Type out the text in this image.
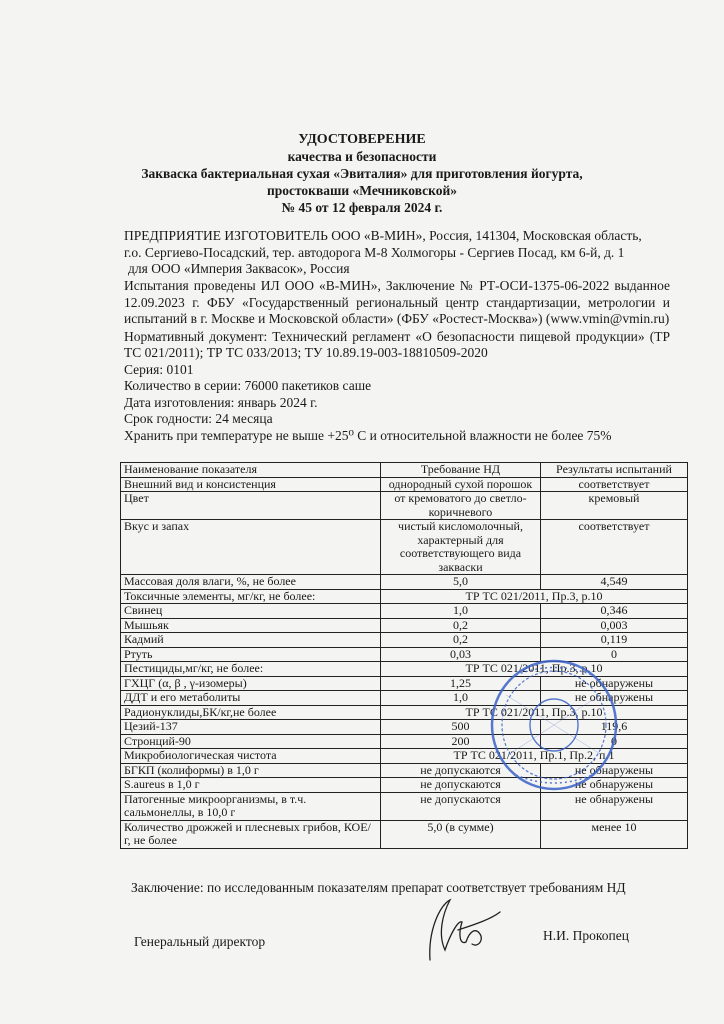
УДОСТОВЕРЕНИЕ
качества и безопасности
Закваска бактериальная сухая «Эвиталия» для приготовления йогурта,
простокваши «Мечниковской»
№ 45 от 12 февраля 2024 г.

ПРЕДПРИЯТИЕ ИЗГОТОВИТЕЛЬ ООО «В-МИН», Россия, 141304, Московская область,

г.о. Сергиево-Посадский, тер. автодорога М-8 Холмогоры - Сергиев Посад, км 6-й, д. 1

для ООО «Империя Заквасок», Россия

Испытания проведены ИЛ ООО «В-МИН», Заключение № РТ-ОСИ-1375-06-2022 выданное 12.09.2023 г. ФБУ «Государственный региональный центр стандартизации, метрологии и испытаний в г. Москве и Московской области» (ФБУ «Ростест-Москва») (www.vmin@vmin.ru)

Нормативный документ: Технический регламент «О безопасности пищевой продукции» (ТР ТС 021/2011); ТР ТС 033/2013; ТУ 10.89.19-003-18810509-2020

Серия: 0101

Количество в серии: 76000 пакетиков саше

Дата изготовления: январь 2024 г.

Срок годности: 24 месяца

Хранить при температуре не выше +25⁰ С и относительной влажности не более 75%

Наименование показателя	Требование НД	Результаты испытаний
Внешний вид и консистенция	однородный сухой порошок	соответствует
Цвет	от кремоватого до светло-коричневого	кремовый
Вкус и запах	чистый кисломолочный, характерный для соответствующего вида закваски	соответствует
Массовая доля влаги, %, не более	5,0	4,549
Токсичные элементы, мг/кг, не более:	ТР ТС 021/2011, Пр.3, р.10	
Свинец	1,0	0,346
Мышьяк	0,2	0,003
Кадмий	0,2	0,119
Ртуть	0,03	0
Пестициды,мг/кг, не более:	ТР ТС 021/2011, Пр.3, р.10	
ГХЦГ (α, β , γ-изомеры)	1,25	не обнаружены
ДДТ и его метаболиты	1,0	не обнаружены
Радионуклиды,БК/кг,не более	ТР ТС 021/2011, Пр.3, р.10	
Цезий-137	500	119,6
Стронций-90	200	0
Микробиологическая чистота	ТР ТС 021/2011, Пр.1, Пр.2, п.1	
БГКП (колиформы) в 1,0 г	не допускаются	не обнаружены
S.aureus в 1,0 г	не допускаются	не обнаружены
Патогенные микроорганизмы, в т.ч. сальмонеллы, в 10,0 г	не допускаются	не обнаружены
Количество дрожжей и плесневых грибов, КОЕ/г, не более	5,0 (в сумме)	менее 10
Заключение: по исследованным показателям препарат соответствует требованиям НД
Генеральный директор	Н.И. Прокопец
